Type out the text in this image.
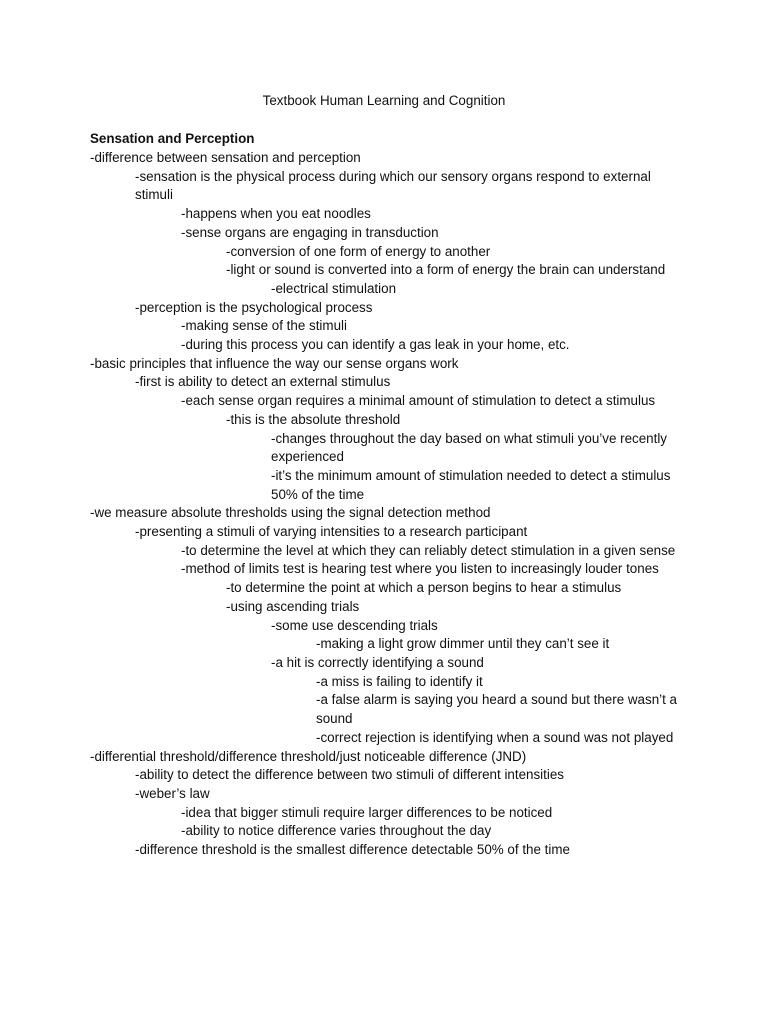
Textbook Human Learning and Cognition
Sensation and Perception
-difference between sensation and perception
-sensation is the physical process during which our sensory organs respond to external stimuli
-happens when you eat noodles
-sense organs are engaging in transduction
-conversion of one form of energy to another
-light or sound is converted into a form of energy the brain can understand
-electrical stimulation
-perception is the psychological process
-making sense of the stimuli
-during this process you can identify a gas leak in your home, etc.
-basic principles that influence the way our sense organs work
-first is ability to detect an external stimulus
-each sense organ requires a minimal amount of stimulation to detect a stimulus
-this is the absolute threshold
-changes throughout the day based on what stimuli you’ve recently experienced
-it’s the minimum amount of stimulation needed to detect a stimulus 50% of the time
-we measure absolute thresholds using the signal detection method
-presenting a stimuli of varying intensities to a research participant
-to determine the level at which they can reliably detect stimulation in a given sense
-method of limits test is hearing test where you listen to increasingly louder tones
-to determine the point at which a person begins to hear a stimulus
-using ascending trials
-some use descending trials
-making a light grow dimmer until they can’t see it
-a hit is correctly identifying a sound
-a miss is failing to identify it
-a false alarm is saying you heard a sound but there wasn’t a sound
-correct rejection is identifying when a sound was not played
-differential threshold/difference threshold/just noticeable difference (JND)
-ability to detect the difference between two stimuli of different intensities
-weber’s law
-idea that bigger stimuli require larger differences to be noticed
-ability to notice difference varies throughout the day
-difference threshold is the smallest difference detectable 50% of the time
